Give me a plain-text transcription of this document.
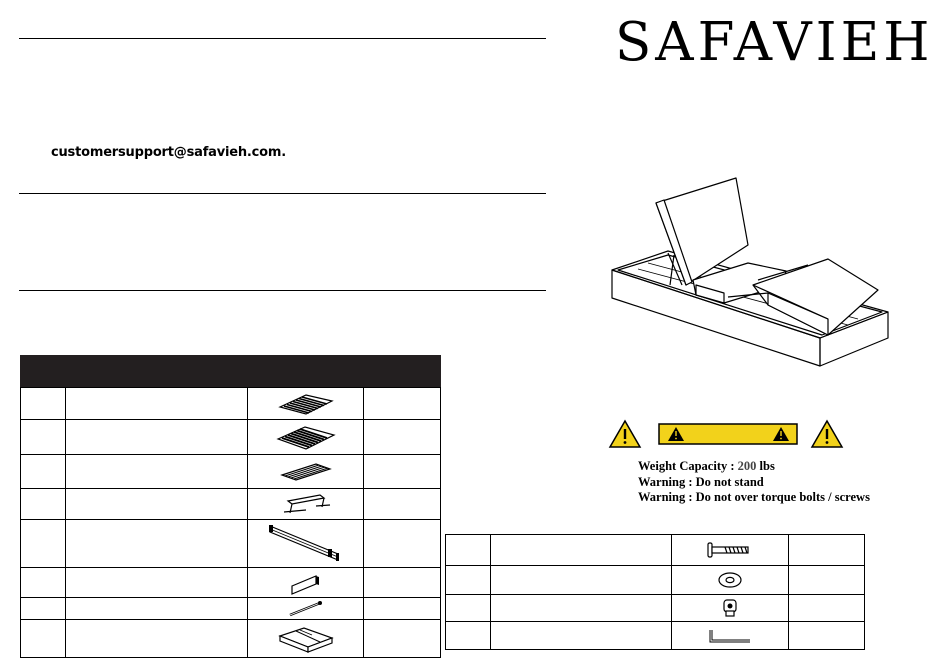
customersupport@safavieh.com.
SAFAVIEH

Weight Capacity : 200 lbs
Warning : Do not stand
Warning : Do not over torque bolts / screws
